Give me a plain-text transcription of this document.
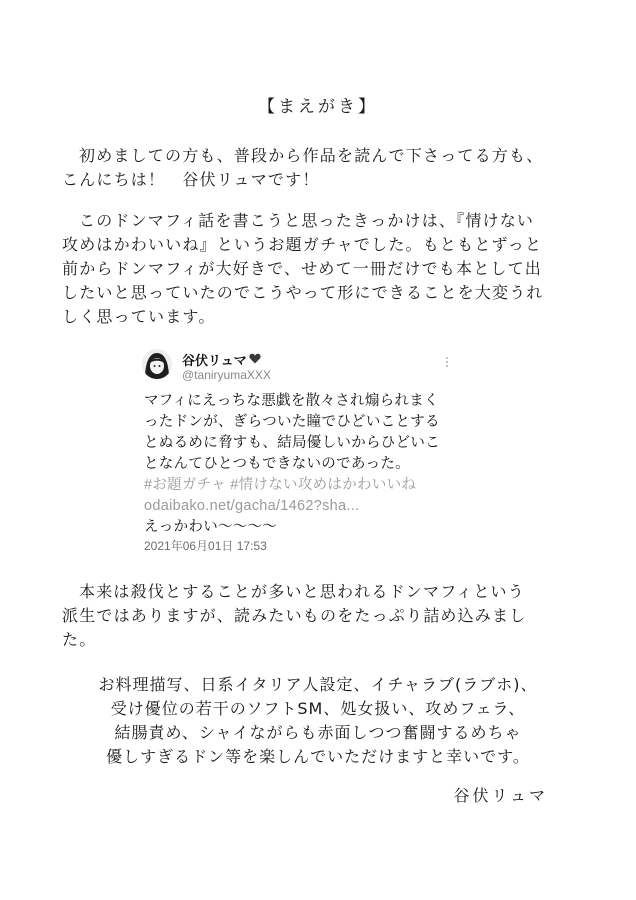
【まえがき】
初めましての方も、普段から作品を読んで下さってる方も、
こんにちは！　谷伏リュマです！
このドンマフィ話を書こうと思ったきっかけは、『情けない
攻めはかわいいね』というお題ガチャでした。もともとずっと
前からドンマフィが大好きで、せめて一冊だけでも本として出
したいと思っていたのでこうやって形にできることを大変うれ
しく思っています。
谷伏リュマ
@taniryumaXXX
マフィにえっちな悪戯を散々され煽られまく
ったドンが、ぎらついた瞳でひどいことする
とぬるめに脅すも、結局優しいからひどいこ
となんてひとつもできないのであった。
#お題ガチャ #情けない攻めはかわいいね
odaibako.net/gacha/1462?sha...
えっかわい〜〜〜〜
2021年06月01日 17:53
本来は殺伐とすることが多いと思われるドンマフィという
派生ではありますが、読みたいものをたっぷり詰め込みまし
た。
お料理描写、日系イタリア人設定、イチャラブ(ラブホ)、
受け優位の若干のソフトSM、処女扱い、攻めフェラ、
結腸責め、シャイながらも赤面しつつ奮闘するめちゃ
優しすぎるドン等を楽しんでいただけますと幸いです。
谷伏リュマ
